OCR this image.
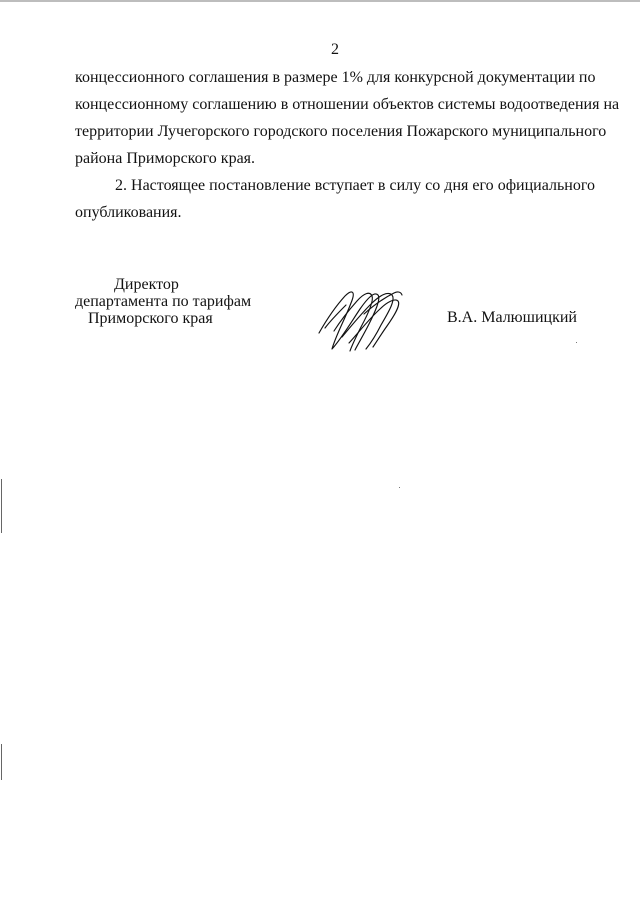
2
концессионного соглашения в размере 1% для конкурсной документации по
концессионному соглашению в отношении объектов системы водоотведения на
территории Лучегорского городского поселения Пожарского муниципального
района Приморского края.
2. Настоящее постановление вступает в силу со дня его официального
опубликования.
Директор
департамента по тарифам
Приморского края	В.А. Малюшицкий
